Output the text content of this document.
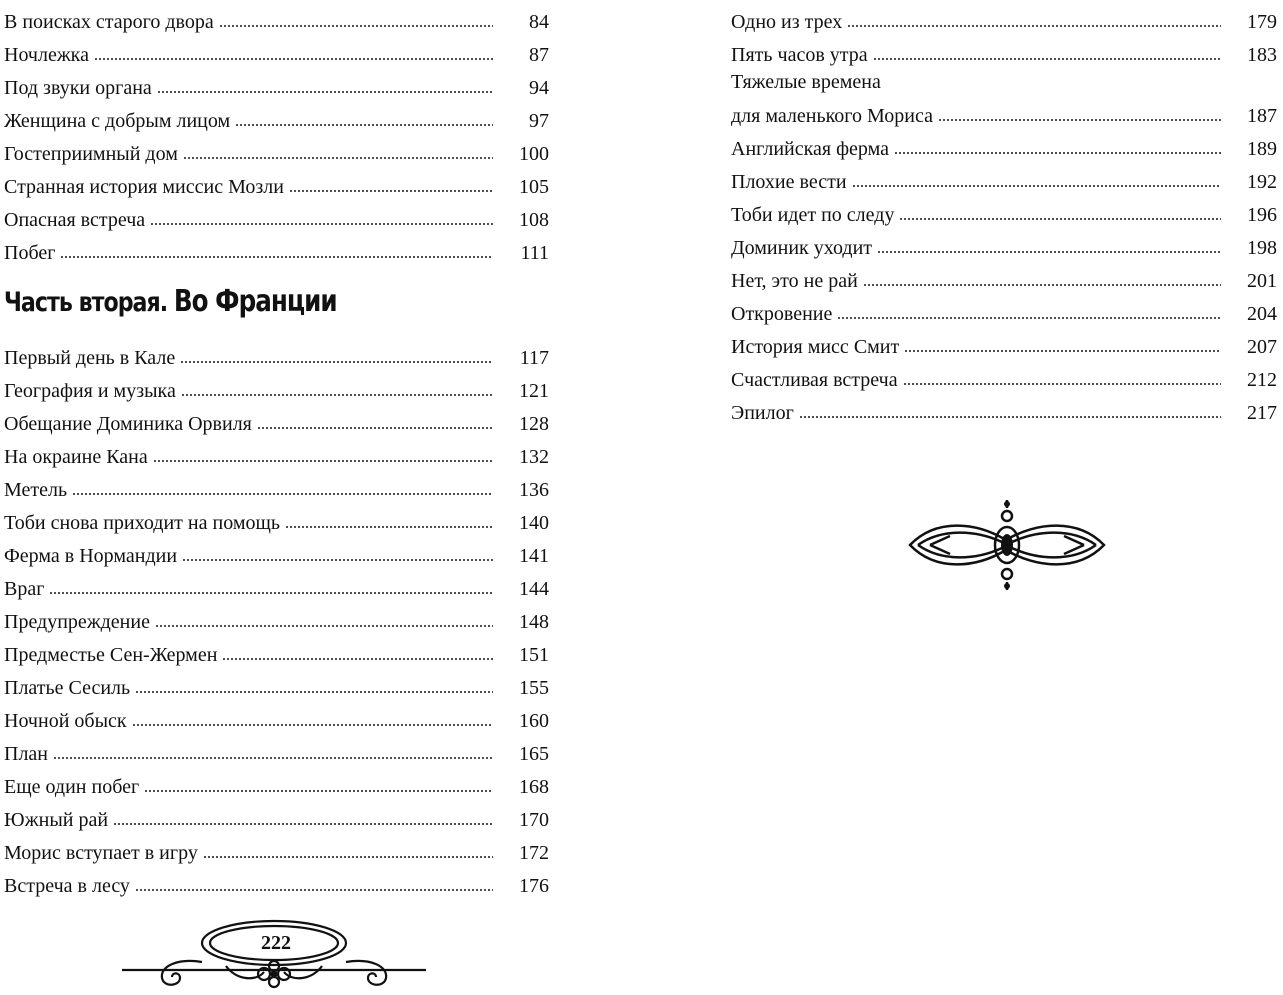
В поисках старого двора	84
Ночлежка	87
Под звуки органа	94
Женщина с добрым лицом	97
Гостеприимный дом	100
Странная история миссис Мозли	105
Опасная встреча	108
Побег	111
Часть вторая. Во Франции
Первый день в Кале	117
География и музыка	121
Обещание Доминика Орвиля	128
На окраине Кана	132
Метель	136
Тоби снова приходит на помощь	140
Ферма в Нормандии	141
Враг	144
Предупреждение	148
Предместье Сен-Жермен	151
Платье Сесиль	155
Ночной обыск	160
План	165
Еще один побег	168
Южный рай	170
Морис вступает в игру	172
Встреча в лесу	176
Одно из трех	179
Пять часов утра	183
Тяжелые времена
для маленького Мориса	187
Английская ферма	189
Плохие вести	192
Тоби идет по следу	196
Доминик уходит	198
Нет, это не рай	201
Откровение	204
История мисс Смит	207
Счастливая встреча	212
Эпилог	217
222
